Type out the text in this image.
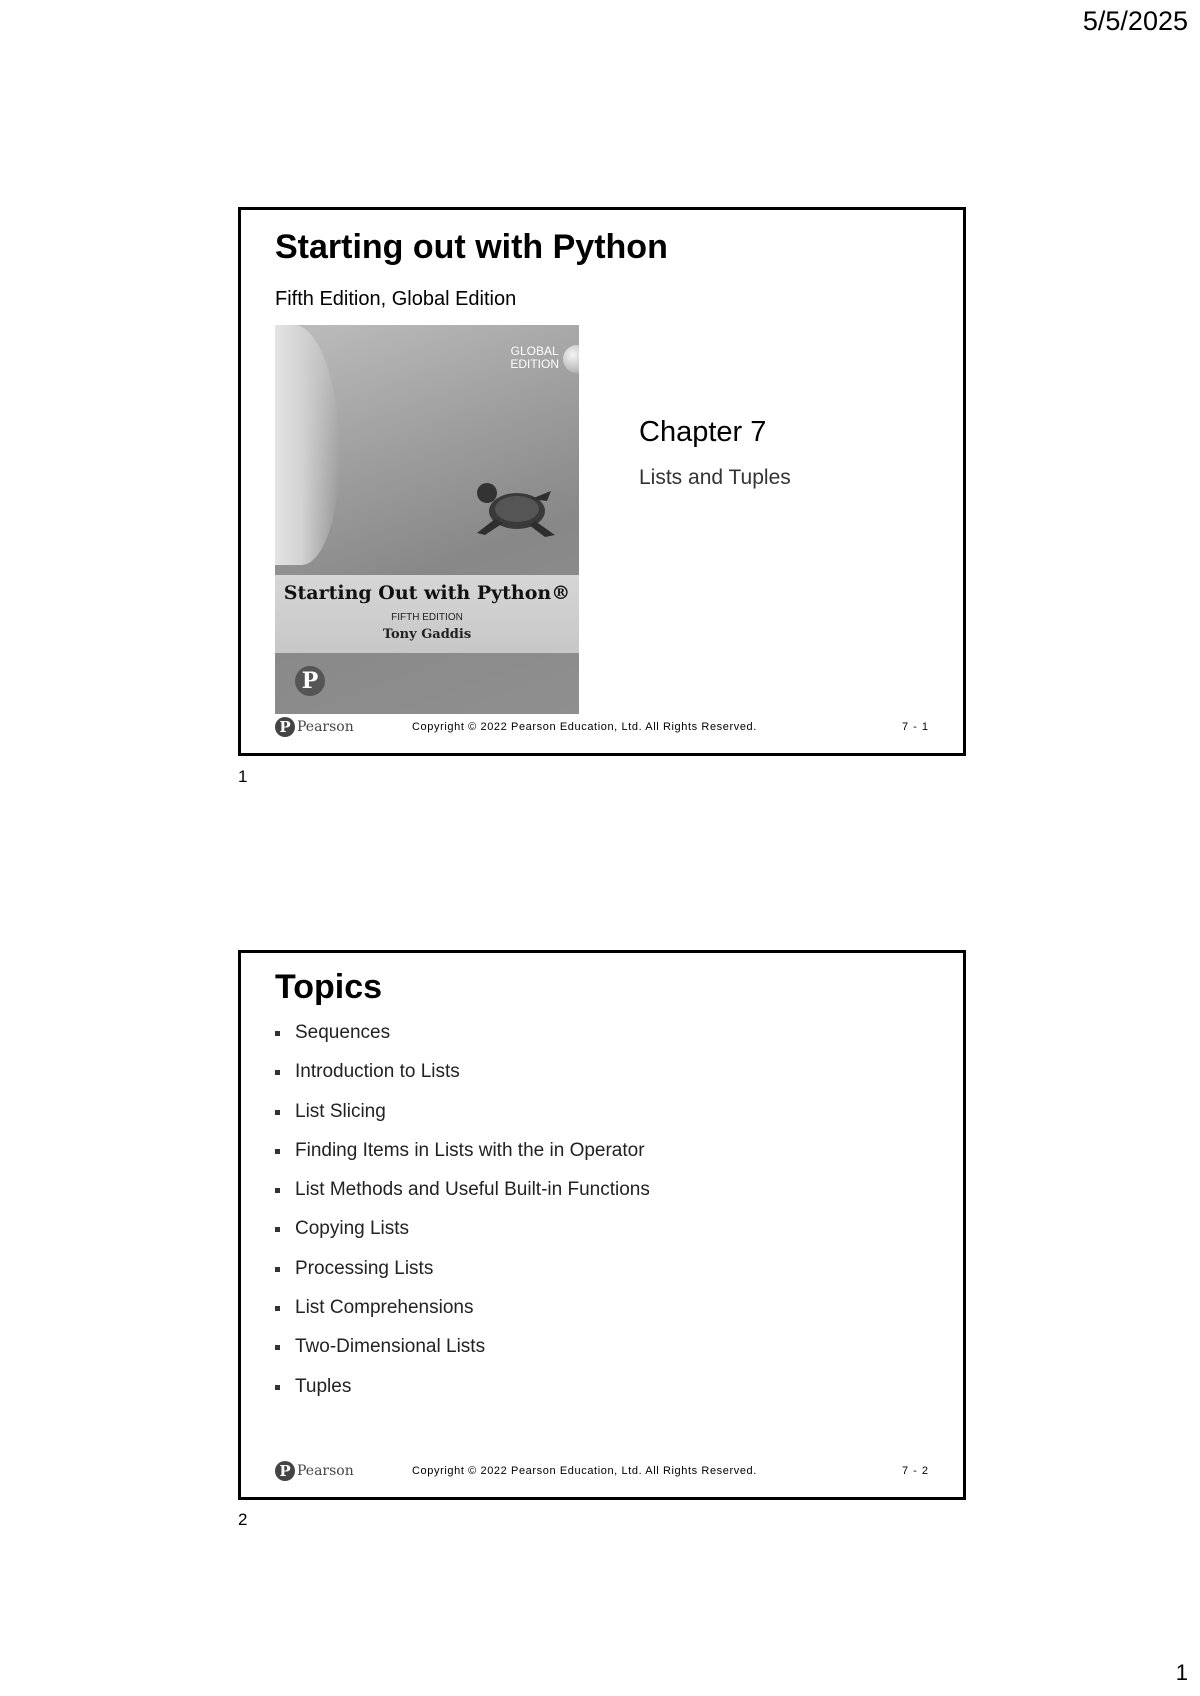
5/5/2025
Starting out with Python
Fifth Edition, Global Edition
GLOBAL
EDITION
Starting Out with Python®
FIFTH EDITION
Tony Gaddis
P
Chapter 7
Lists and Tuples
P Pearson	Copyright © 2022 Pearson Education, Ltd. All Rights Reserved.	7 - 1
1
Topics
Sequences
Introduction to Lists
List Slicing
Finding Items in Lists with the in Operator
List Methods and Useful Built-in Functions
Copying Lists
Processing Lists
List Comprehensions
Two-Dimensional Lists
Tuples
P Pearson	Copyright © 2022 Pearson Education, Ltd. All Rights Reserved.	7 - 2
2
1
